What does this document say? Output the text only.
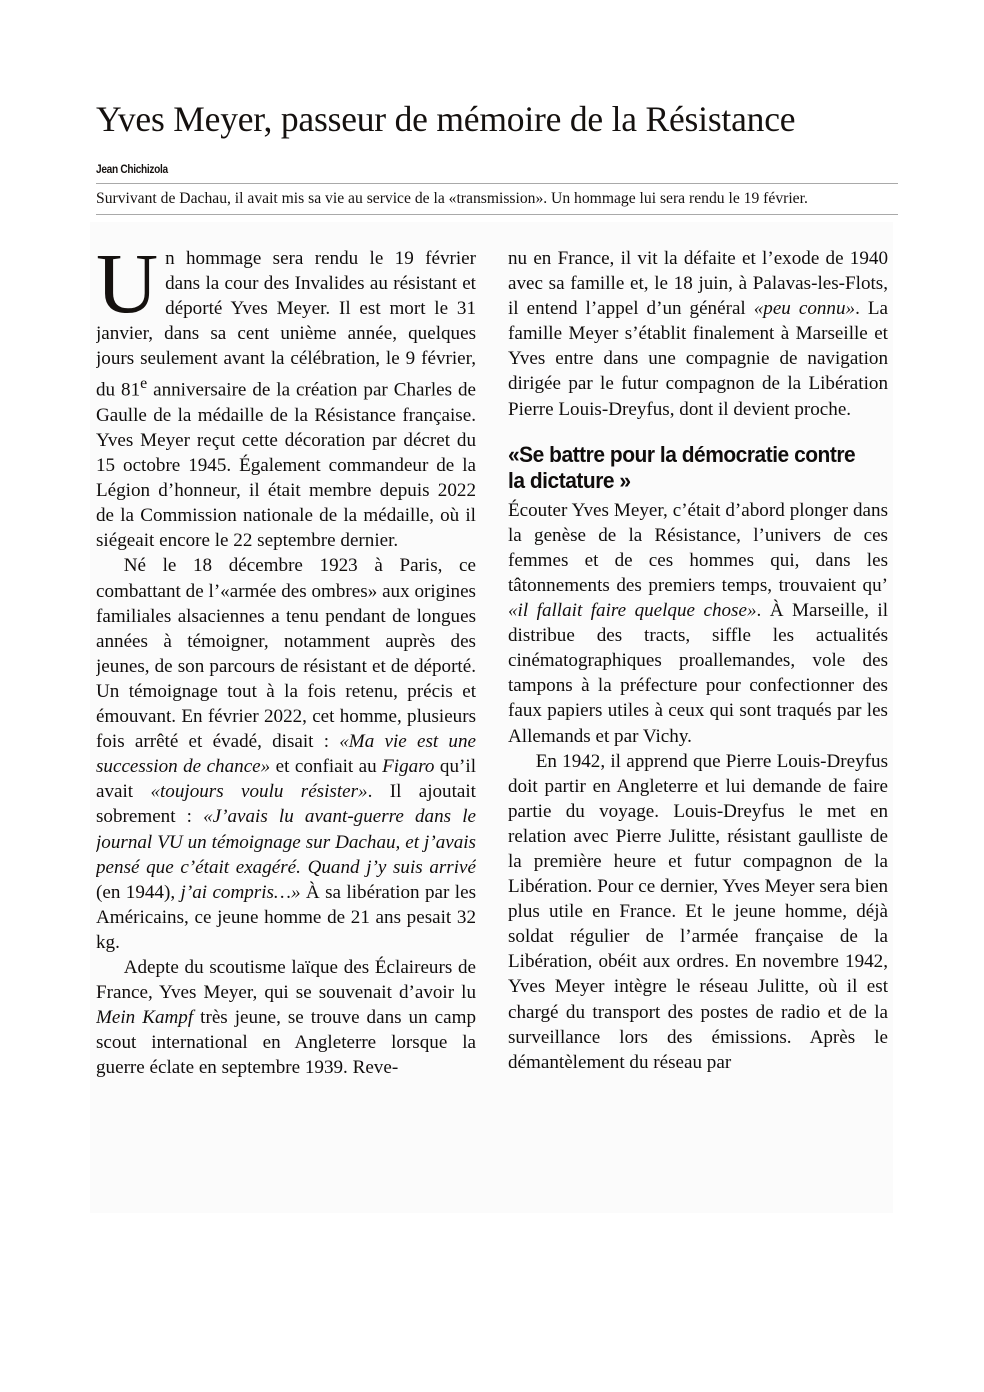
Yves Meyer, passeur de mémoire de la Résistance
Jean Chichizola
Survivant de Dachau, il avait mis sa vie au service de la «transmission». Un hommage lui sera rendu le 19 février.

Un hommage sera rendu le 19 février dans la cour des Invalides au résistant et déporté Yves Meyer. Il est mort le 31 janvier, dans sa cent unième année, quelques jours seulement avant la célébration, le 9 février, du 81e anniversaire de la création par Charles de Gaulle de la médaille de la Résistance française. Yves Meyer reçut cette décoration par décret du 15 octobre 1945. Également commandeur de la Légion d’honneur, il était membre depuis 2022 de la Commission nationale de la médaille, où il siégeait encore le 22 septembre dernier.

Né le 18 décembre 1923 à Paris, ce combattant de l’«armée des ombres» aux origines familiales alsaciennes a tenu pendant de longues années à témoigner, notamment auprès des jeunes, de son parcours de résistant et de déporté. Un témoignage tout à la fois retenu, précis et émouvant. En février 2022, cet homme, plusieurs fois arrêté et évadé, disait : «Ma vie est une succession de chance» et confiait au Figaro qu’il avait «toujours voulu résister». Il ajoutait sobrement : «J’avais lu avant-guerre dans le journal VU un témoignage sur Dachau, et j’avais pensé que c’était exagéré. Quand j’y suis arrivé (en 1944), j’ai compris…» À sa libération par les Américains, ce jeune homme de 21 ans pesait 32 kg.

Adepte du scoutisme laïque des Éclaireurs de France, Yves Meyer, qui se souvenait d’avoir lu Mein Kampf très jeune, se trouve dans un camp scout international en Angleterre lorsque la guerre éclate en septembre 1939. Reve-

nu en France, il vit la défaite et l’exode de 1940 avec sa famille et, le 18 juin, à Palavas-les-Flots, il entend l’appel d’un général «peu connu». La famille Meyer s’établit finalement à Marseille et Yves entre dans une compagnie de navigation dirigée par le futur compagnon de la Libération Pierre Louis-Dreyfus, dont il devient proche.

«Se battre pour la démocratie contre la dictature »

Écouter Yves Meyer, c’était d’abord plonger dans la genèse de la Résistance, l’univers de ces femmes et de ces hommes qui, dans les tâtonnements des premiers temps, trouvaient qu’ «il fallait faire quelque chose». À Marseille, il distribue des tracts, siffle les actualités cinématographiques proallemandes, vole des tampons à la préfecture pour confectionner des faux papiers utiles à ceux qui sont traqués par les Allemands et par Vichy.

En 1942, il apprend que Pierre Louis-Dreyfus doit partir en Angleterre et lui demande de faire partie du voyage. Louis-Dreyfus le met en relation avec Pierre Julitte, résistant gaulliste de la première heure et futur compagnon de la Libération. Pour ce dernier, Yves Meyer sera bien plus utile en France. Et le jeune homme, déjà soldat régulier de l’armée française de la Libération, obéit aux ordres. En novembre 1942, Yves Meyer intègre le réseau Julitte, où il est chargé du transport des postes de radio et de la surveillance lors des émissions. Après le démantèlement du réseau par
